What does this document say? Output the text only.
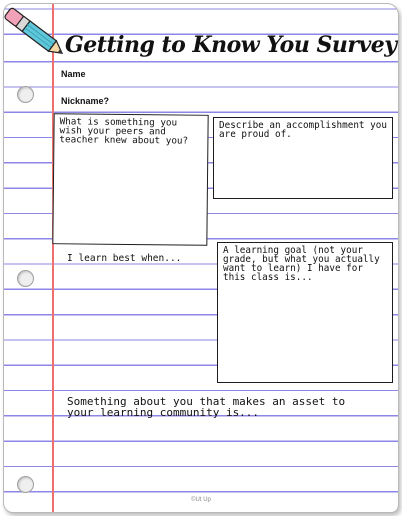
Getting to Know You Survey
Name
Nickname?
What is something you wish your peers and teacher knew about you?
Describe an accomplishment you are proud of.
I learn best when...
A learning goal (not your grade, but what you actually want to learn) I have for this class is...
Something about you that makes an asset to your learning community is...
©Ut Up
